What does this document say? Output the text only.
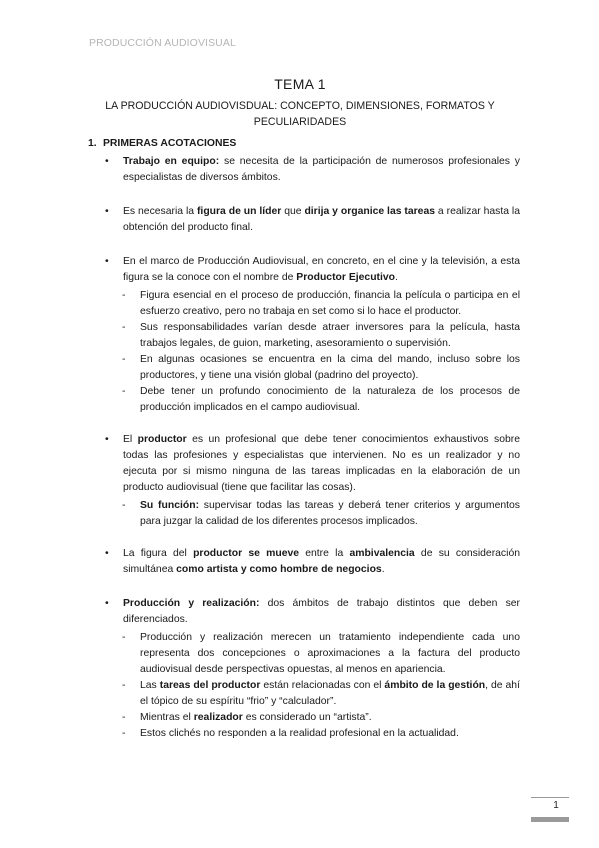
PRODUCCIÓN AUDIOVISUAL
TEMA 1
LA PRODUCCIÓN AUDIOVISDUAL: CONCEPTO, DIMENSIONES, FORMATOS Y
PECULIARIDADES
1. PRIMERAS ACOTACIONES
• Trabajo en equipo: se necesita de la participación de numerosos profesionales y especialistas de diversos ámbitos.
• Es necesaria la figura de un líder que dirija y organice las tareas a realizar hasta la obtención del producto final.
• En el marco de Producción Audiovisual, en concreto, en el cine y la televisión, a esta figura se la conoce con el nombre de Productor Ejecutivo.
- Figura esencial en el proceso de producción, financia la película o participa en el esfuerzo creativo, pero no trabaja en set como si lo hace el productor.
- Sus responsabilidades varían desde atraer inversores para la película, hasta trabajos legales, de guion, marketing, asesoramiento o supervisión.
- En algunas ocasiones se encuentra en la cima del mando, incluso sobre los productores, y tiene una visión global (padrino del proyecto).
- Debe tener un profundo conocimiento de la naturaleza de los procesos de producción implicados en el campo audiovisual.
• El productor es un profesional que debe tener conocimientos exhaustivos sobre todas las profesiones y especialistas que intervienen. No es un realizador y no ejecuta por si mismo ninguna de las tareas implicadas en la elaboración de un producto audiovisual (tiene que facilitar las cosas).
- Su función: supervisar todas las tareas y deberá tener criterios y argumentos para juzgar la calidad de los diferentes procesos implicados.
• La figura del productor se mueve entre la ambivalencia de su consideración simultánea como artista y como hombre de negocios.
• Producción y realización: dos ámbitos de trabajo distintos que deben ser diferenciados.
- Producción y realización merecen un tratamiento independiente cada uno representa dos concepciones o aproximaciones a la factura del producto audiovisual desde perspectivas opuestas, al menos en apariencia.
- Las tareas del productor están relacionadas con el ámbito de la gestión, de ahí el tópico de su espíritu “frio” y “calculador”.
- Mientras el realizador es considerado un “artista”.
- Estos clichés no responden a la realidad profesional en la actualidad.
1
